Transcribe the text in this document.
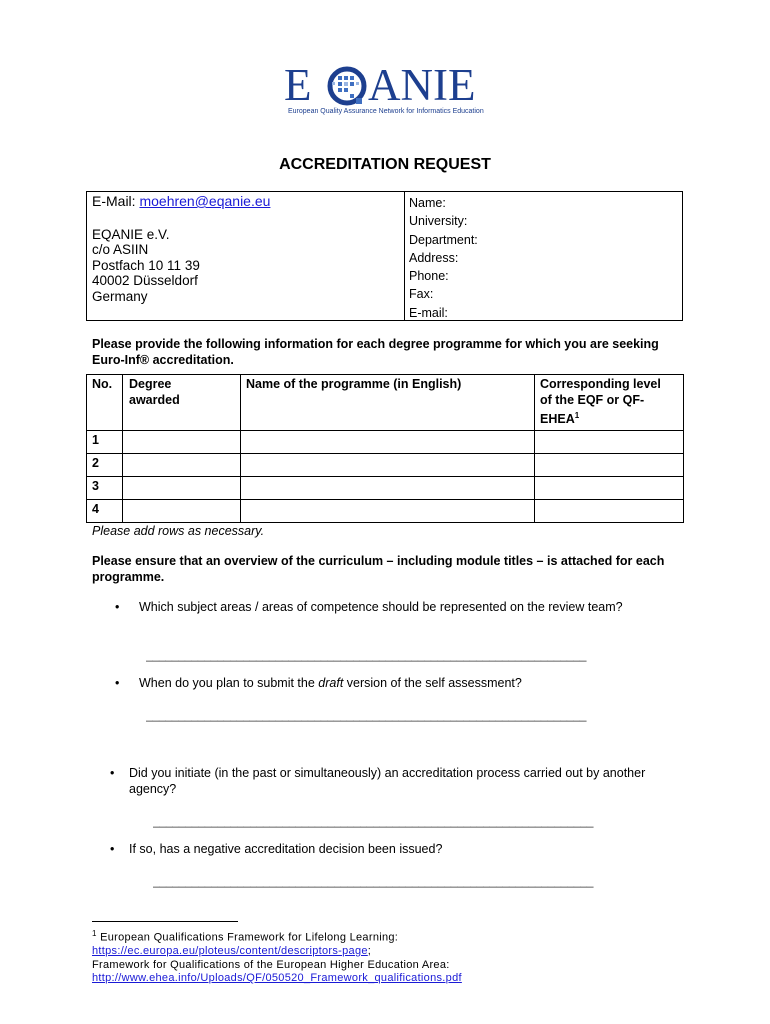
E ANIE
European Quality Assurance Network for Informatics Education
ACCREDITATION REQUEST
E-Mail: moehren@eqanie.eu
EQANIE e.V.
c/o ASIIN
Postfach 10 11 39
40002 Düsseldorf
Germany
Name:
University:
Department:
Address:
Phone:
Fax:
E-mail:
Please provide the following information for each degree programme for which you are seeking Euro-Inf® accreditation.
No.	Degree awarded	Name of the programme (in English)	Corresponding level of the EQF or QF-EHEA$^1$

1			
2			
3			
4			
Please add rows as necessary.
Please ensure that an overview of the curriculum – including module titles – is attached for each programme.
• Which subject areas / areas of competence should be represented on the review team?
____________________________________________________________________
• When do you plan to submit the draft version of the self assessment?
____________________________________________________________________
• Did you initiate (in the past or simultaneously) an accreditation process carried out by another agency?
____________________________________________________________________
• If so, has a negative accreditation decision been issued?
____________________________________________________________________
$^1$ European Qualifications Framework for Lifelong Learning:
https://ec.europa.eu/ploteus/content/descriptors-page;
Framework for Qualifications of the European Higher Education Area:
http://www.ehea.info/Uploads/QF/050520_Framework_qualifications.pdf
